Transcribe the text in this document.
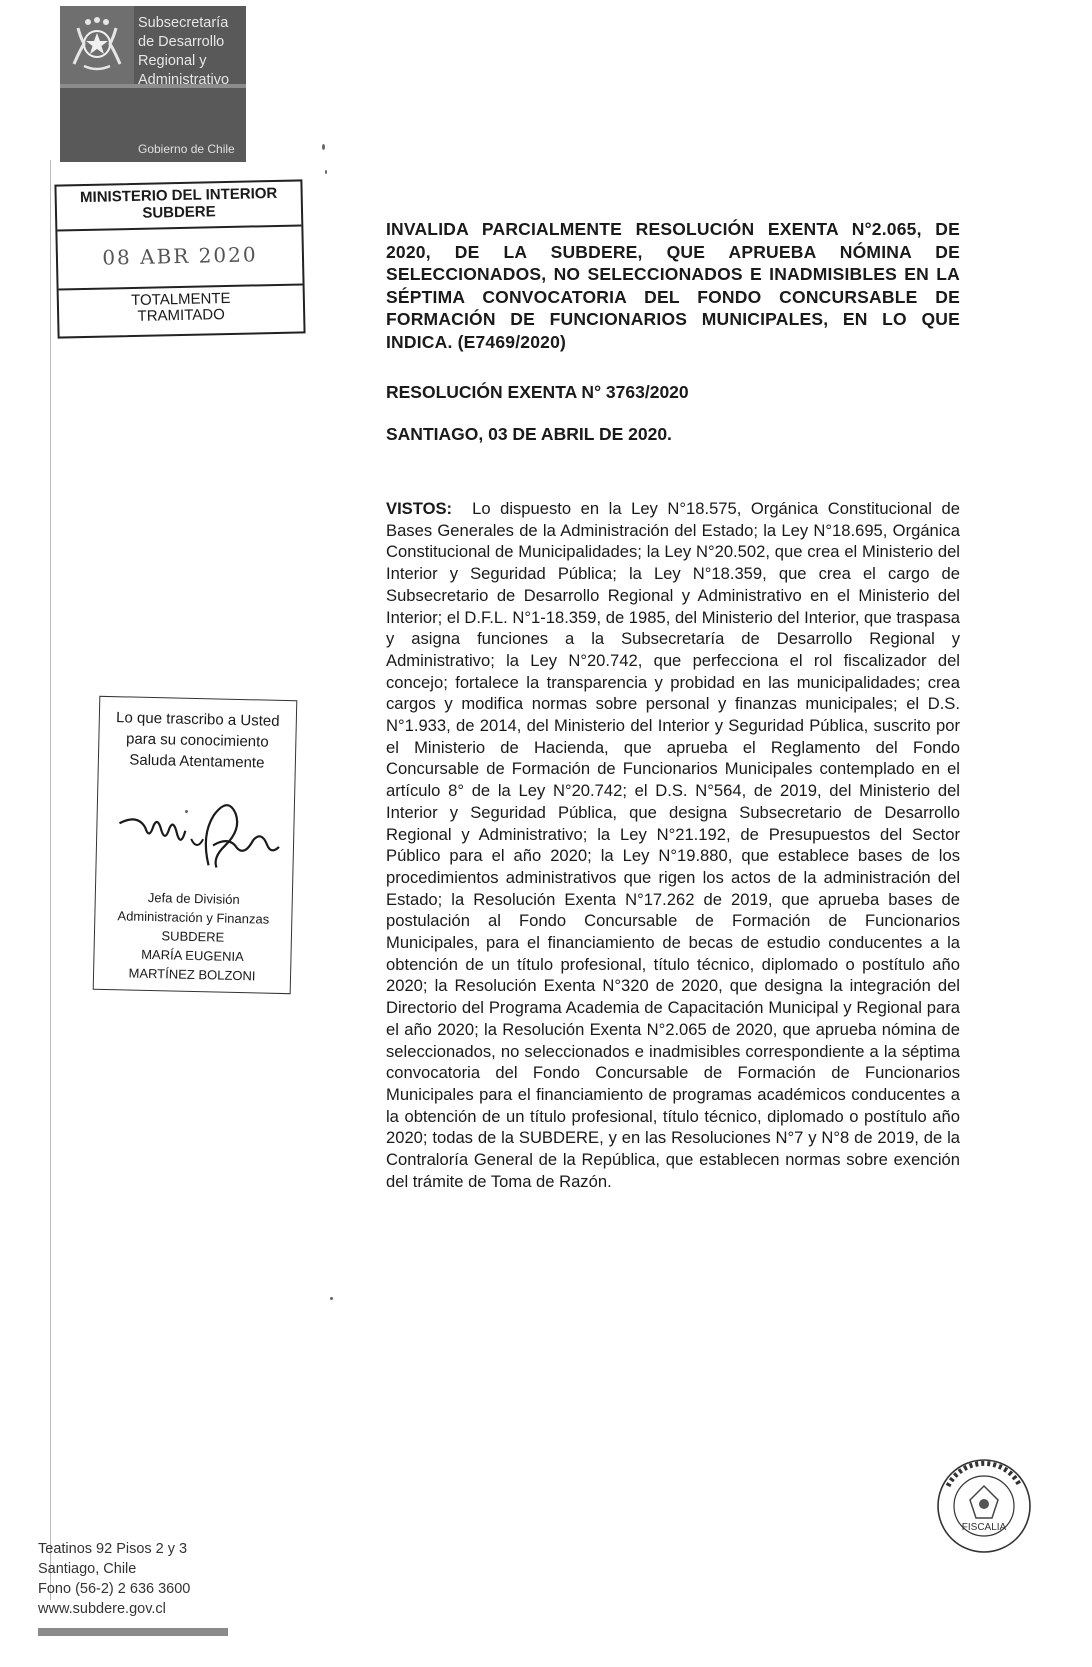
Subsecretaría
de Desarrollo
Regional y
Administrativo
Gobierno de Chile
MINISTERIO DEL INTERIOR
SUBDERE
08 ABR 2020
TOTALMENTE
TRAMITADO
INVALIDA PARCIALMENTE RESOLUCIÓN EXENTA N°2.065, DE 2020, DE LA SUBDERE, QUE APRUEBA NÓMINA DE SELECCIONADOS, NO SELECCIONADOS E INADMISIBLES EN LA SÉPTIMA CONVOCATORIA DEL FONDO CONCURSABLE DE FORMACIÓN DE FUNCIONARIOS MUNICIPALES, EN LO QUE INDICA. (E7469/2020)
RESOLUCIÓN EXENTA N° 3763/2020
SANTIAGO, 03 DE ABRIL DE 2020.
VISTOS: Lo dispuesto en la Ley N°18.575, Orgánica Constitucional de Bases Generales de la Administración del Estado; la Ley N°18.695, Orgánica Constitucional de Municipalidades; la Ley N°20.502, que crea el Ministerio del Interior y Seguridad Pública; la Ley N°18.359, que crea el cargo de Subsecretario de Desarrollo Regional y Administrativo en el Ministerio del Interior; el D.F.L. N°1-18.359, de 1985, del Ministerio del Interior, que traspasa y asigna funciones a la Subsecretaría de Desarrollo Regional y Administrativo; la Ley N°20.742, que perfecciona el rol fiscalizador del concejo; fortalece la transparencia y probidad en las municipalidades; crea cargos y modifica normas sobre personal y finanzas municipales; el D.S. N°1.933, de 2014, del Ministerio del Interior y Seguridad Pública, suscrito por el Ministerio de Hacienda, que aprueba el Reglamento del Fondo Concursable de Formación de Funcionarios Municipales contemplado en el artículo 8° de la Ley N°20.742; el D.S. N°564, de 2019, del Ministerio del Interior y Seguridad Pública, que designa Subsecretario de Desarrollo Regional y Administrativo; la Ley N°21.192, de Presupuestos del Sector Público para el año 2020; la Ley N°19.880, que establece bases de los procedimientos administrativos que rigen los actos de la administración del Estado; la Resolución Exenta N°17.262 de 2019, que aprueba bases de postulación al Fondo Concursable de Formación de Funcionarios Municipales, para el financiamiento de becas de estudio conducentes a la obtención de un título profesional, título técnico, diplomado o postítulo año 2020; la Resolución Exenta N°320 de 2020, que designa la integración del Directorio del Programa Academia de Capacitación Municipal y Regional para el año 2020; la Resolución Exenta N°2.065 de 2020, que aprueba nómina de seleccionados, no seleccionados e inadmisibles correspondiente a la séptima convocatoria del Fondo Concursable de Formación de Funcionarios Municipales para el financiamiento de programas académicos conducentes a la obtención de un título profesional, título técnico, diplomado o postítulo año 2020; todas de la SUBDERE, y en las Resoluciones N°7 y N°8 de 2019, de la Contraloría General de la República, que establecen normas sobre exención del trámite de Toma de Razón.
Lo que trascribo a Usted
para su conocimiento
Saluda Atentamente
Jefa de División
Administración y Finanzas
SUBDERE
MARÍA EUGENIA
MARTÍNEZ BOLZONI
Teatinos 92 Pisos 2 y 3
Santiago, Chile
Fono (56-2) 2 636 3600
www.subdere.gov.cl
FISCALIA
